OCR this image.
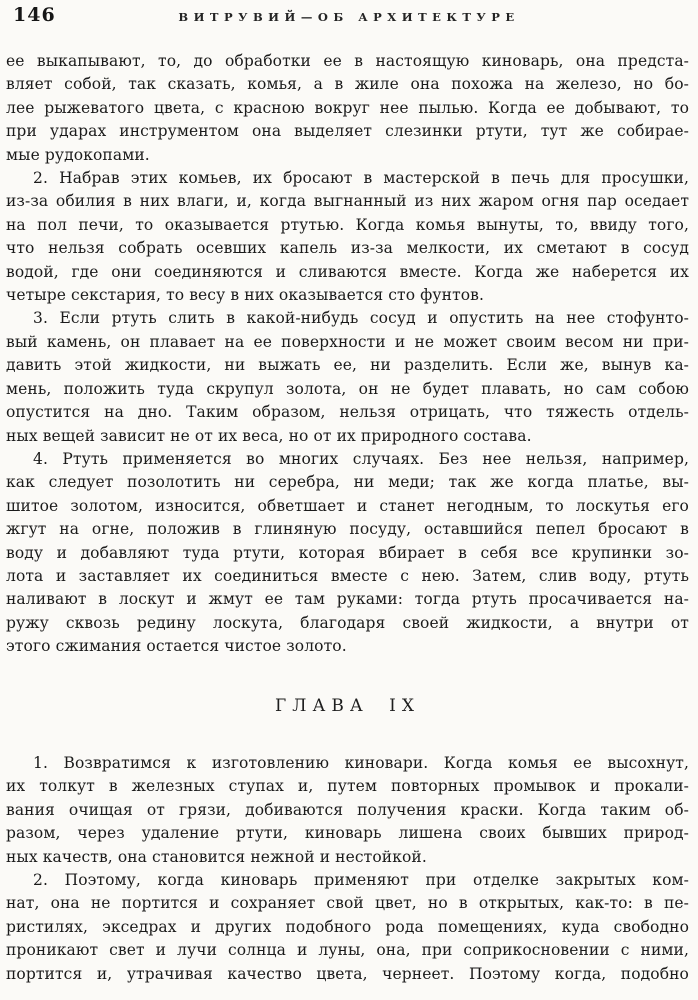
146	ВИТРУВИЙ—ОБ АРХИТЕКТУРЕ
ее выкапывают, то, до обработки ее в настоящую киноварь, она предста-
вляет собой, так сказать, комья, а в жиле она похожа на железо, но бо-
лее рыжеватого цвета, с красною вокруг нее пылью. Когда ее добывают, то
при ударах инструментом она выделяет слезинки ртути, тут же собирае-
мые рудокопами.
2. Набрав этих комьев, их бросают в мастерской в печь для просушки,
из-за обилия в них влаги, и, когда выгнанный из них жаром огня пар оседает
на пол печи, то оказывается ртутью. Когда комья вынуты, то, ввиду того,
что нельзя собрать осевших капель из-за мелкости, их сметают в сосуд
водой, где они соединяются и сливаются вместе. Когда же наберется их
четыре секстария, то весу в них оказывается сто фунтов.
3. Если ртуть слить в какой-нибудь сосуд и опустить на нее стофунто-
вый камень, он плавает на ее поверхности и не может своим весом ни при-
давить этой жидкости, ни выжать ее, ни разделить. Если же, вынув ка-
мень, положить туда скрупул золота, он не будет плавать, но сам собою
опустится на дно. Таким образом, нельзя отрицать, что тяжесть отдель-
ных вещей зависит не от их веса, но от их природного состава.
4. Ртуть применяется во многих случаях. Без нее нельзя, например,
как следует позолотить ни серебра, ни меди; так же когда платье, вы-
шитое золотом, износится, обветшает и станет негодным, то лоскутья его
жгут на огне, положив в глиняную посуду, оставшийся пепел бросают в
воду и добавляют туда ртути, которая вбирает в себя все крупинки зо-
лота и заставляет их соединиться вместе с нею. Затем, слив воду, ртуть
наливают в лоскут и жмут ее там руками: тогда ртуть просачивается на-
ружу сквозь редину лоскута, благодаря своей жидкости, а внутри от
этого сжимания остается чистое золото.
ГЛАВА IX
1. Возвратимся к изготовлению киновари. Когда комья ее высохнут,
их толкут в железных ступах и, путем повторных промывок и прокали-
вания очищая от грязи, добиваются получения краски. Когда таким об-
разом, через удаление ртути, киноварь лишена своих бывших природ-
ных качеств, она становится нежной и нестойкой.
2. Поэтому, когда киноварь применяют при отделке закрытых ком-
нат, она не портится и сохраняет свой цвет, но в открытых, как-то: в пе-
ристилях, экседрах и других подобного рода помещениях, куда свободно
проникают свет и лучи солнца и луны, она, при соприкосновении с ними,
портится и, утрачивая качество цвета, чернеет. Поэтому когда, подобно
